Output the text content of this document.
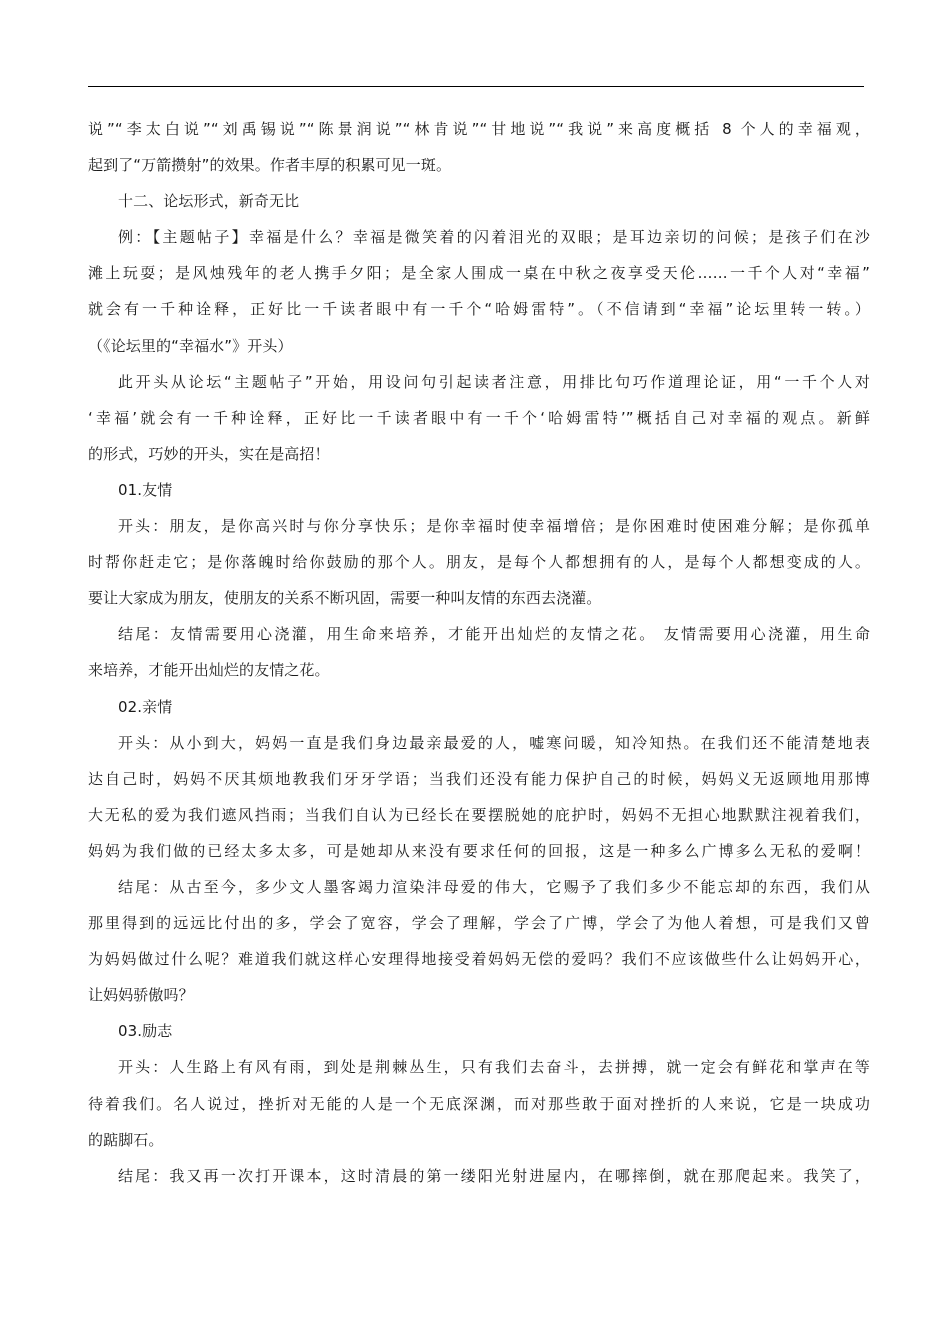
说”“李太白说”“刘禹锡说”“陈景润说”“林肯说”“甘地说”“我说”来高度概括 8 个人的幸福观，
起到了“万箭攒射”的效果。作者丰厚的积累可见一斑。
十二、论坛形式，新奇无比
例：【主题帖子】幸福是什么？幸福是微笑着的闪着泪光的双眼；是耳边亲切的问候；是孩子们在沙
滩上玩耍；是风烛残年的老人携手夕阳；是全家人围成一桌在中秋之夜享受天伦……一千个人对“幸福”
就会有一千种诠释，正好比一千读者眼中有一千个“哈姆雷特”。（不信请到“幸福”论坛里转一转。）
（《论坛里的“幸福水”》开头）
此开头从论坛“主题帖子”开始，用设问句引起读者注意，用排比句巧作道理论证，用“一千个人对
‘幸福’就会有一千种诠释，正好比一千读者眼中有一千个‘哈姆雷特’”概括自己对幸福的观点。新鲜
的形式，巧妙的开头，实在是高招！
01.友情
开头：朋友，是你高兴时与你分享快乐；是你幸福时使幸福增倍；是你困难时使困难分解；是你孤单
时帮你赶走它；是你落魄时给你鼓励的那个人。朋友，是每个人都想拥有的人，是每个人都想变成的人。
要让大家成为朋友，使朋友的关系不断巩固，需要一种叫友情的东西去浇灌。
结尾：友情需要用心浇灌，用生命来培养，才能开出灿烂的友情之花。 友情需要用心浇灌，用生命
来培养，才能开出灿烂的友情之花。
02.亲情
开头：从小到大，妈妈一直是我们身边最亲最爱的人，嘘寒问暖，知冷知热。在我们还不能清楚地表
达自己时，妈妈不厌其烦地教我们牙牙学语；当我们还没有能力保护自己的时候，妈妈义无返顾地用那博
大无私的爱为我们遮风挡雨；当我们自认为已经长在要摆脱她的庇护时，妈妈不无担心地默默注视着我们，
妈妈为我们做的已经太多太多，可是她却从来没有要求任何的回报，这是一种多么广博多么无私的爱啊！
结尾：从古至今，多少文人墨客竭力渲染沣母爱的伟大，它赐予了我们多少不能忘却的东西，我们从
那里得到的远远比付出的多，学会了宽容，学会了理解，学会了广博，学会了为他人着想，可是我们又曾
为妈妈做过什么呢？难道我们就这样心安理得地接受着妈妈无偿的爱吗？我们不应该做些什么让妈妈开心，
让妈妈骄傲吗？
03.励志
开头：人生路上有风有雨，到处是荆棘丛生，只有我们去奋斗，去拼搏，就一定会有鲜花和掌声在等
待着我们。名人说过，挫折对无能的人是一个无底深渊，而对那些敢于面对挫折的人来说，它是一块成功
的踮脚石。
结尾：我又再一次打开课本，这时清晨的第一缕阳光射进屋内，在哪摔倒，就在那爬起来。我笑了，
